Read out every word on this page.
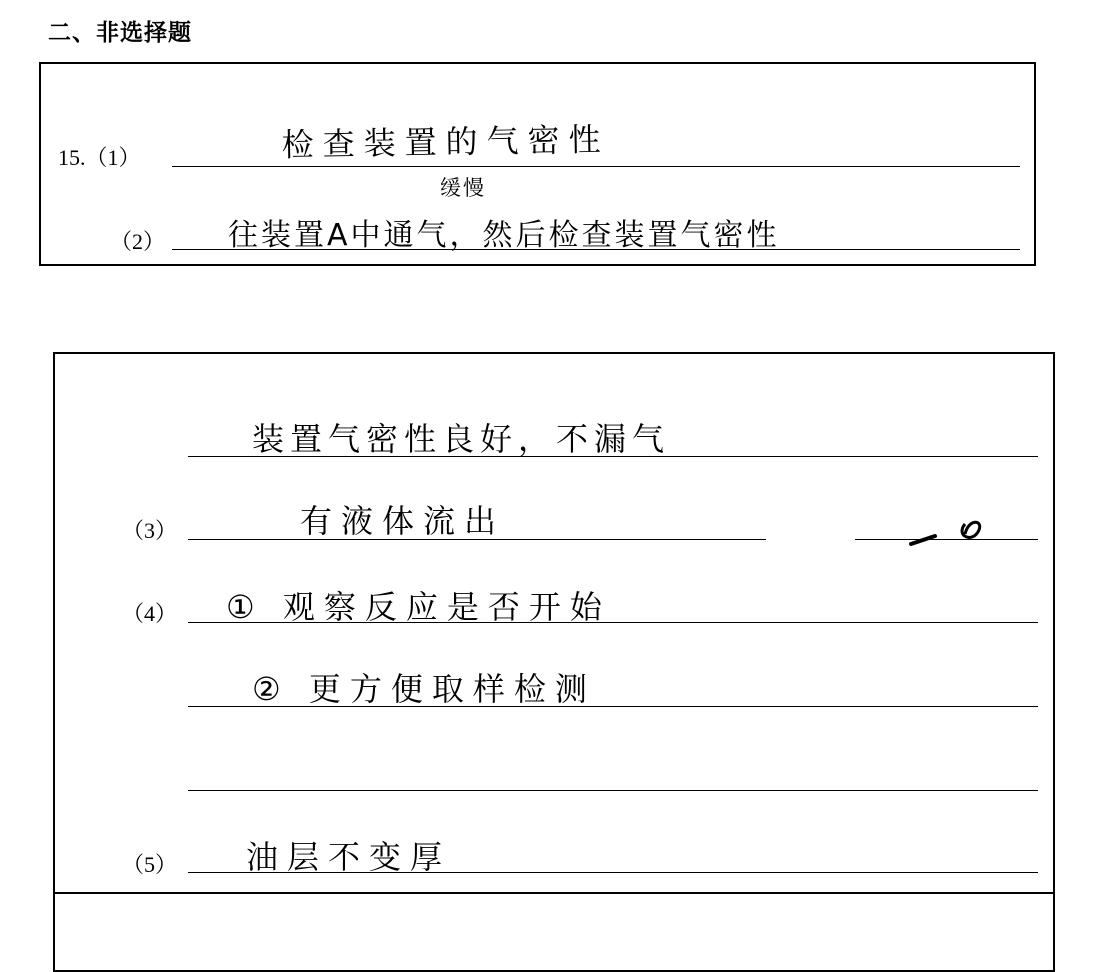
二、非选择题
15.（1）	检查装置的气密性
（2）
缓慢
往装置A中通气，然后检查装置气密性
装置气密性良好，不漏气
（3）	有液体流出
（4） ① 观察反应是否开始
② 更方便取样检测
（5） 油层不变厚
